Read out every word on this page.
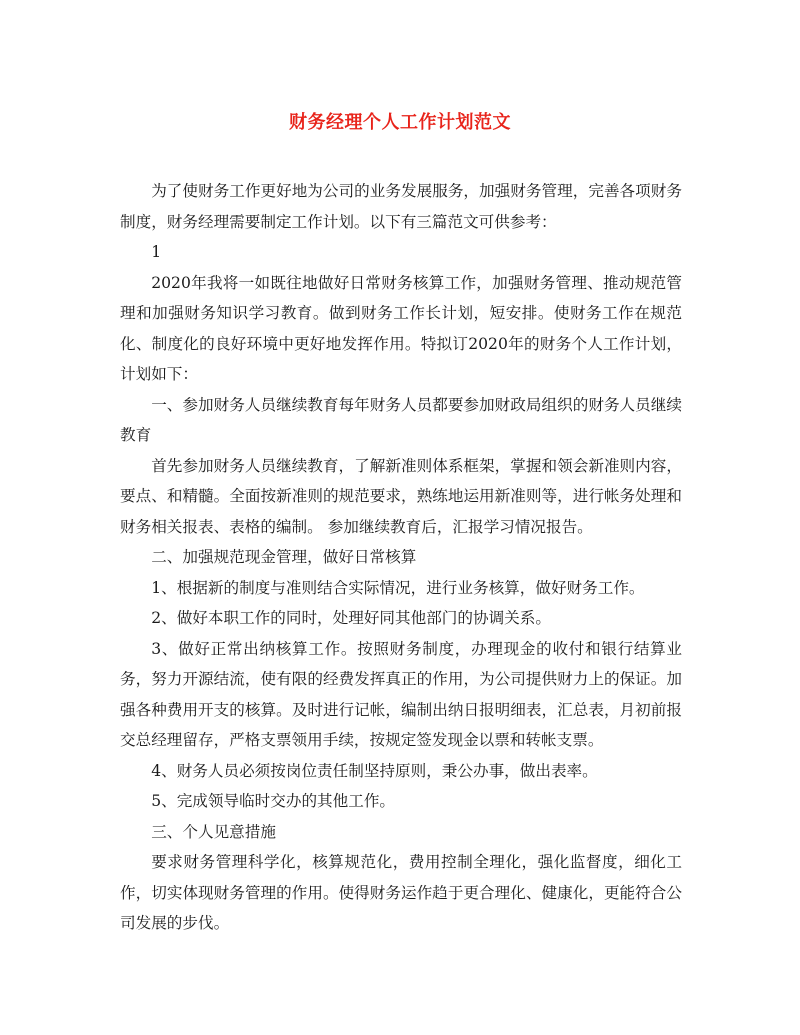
财务经理个人工作计划范文

为了使财务工作更好地为公司的业务发展服务，加强财务管理，完善各项财务制度，财务经理需要制定工作计划。以下有三篇范文可供参考：

1

2020年我将一如既往地做好日常财务核算工作，加强财务管理、推动规范管理和加强财务知识学习教育。做到财务工作长计划，短安排。使财务工作在规范化、制度化的良好环境中更好地发挥作用。特拟订2020年的财务个人工作计划，计划如下：

一、参加财务人员继续教育每年财务人员都要参加财政局组织的财务人员继续教育

首先参加财务人员继续教育，了解新准则体系框架，掌握和领会新准则内容，要点、和精髓。全面按新准则的规范要求，熟练地运用新准则等，进行帐务处理和财务相关报表、表格的编制。 参加继续教育后，汇报学习情况报告。

二、加强规范现金管理，做好日常核算

1、根据新的制度与准则结合实际情况，进行业务核算，做好财务工作。

2、做好本职工作的同时，处理好同其他部门的协调关系。

3、做好正常出纳核算工作。按照财务制度，办理现金的收付和银行结算业务，努力开源结流，使有限的经费发挥真正的作用，为公司提供财力上的保证。加强各种费用开支的核算。及时进行记帐，编制出纳日报明细表，汇总表，月初前报交总经理留存，严格支票领用手续，按规定签发现金以票和转帐支票。

4、财务人员必须按岗位责任制坚持原则，秉公办事，做出表率。

5、完成领导临时交办的其他工作。

三、个人见意措施

要求财务管理科学化，核算规范化，费用控制全理化，强化监督度，细化工作，切实体现财务管理的作用。使得财务运作趋于更合理化、健康化，更能符合公司发展的步伐。
